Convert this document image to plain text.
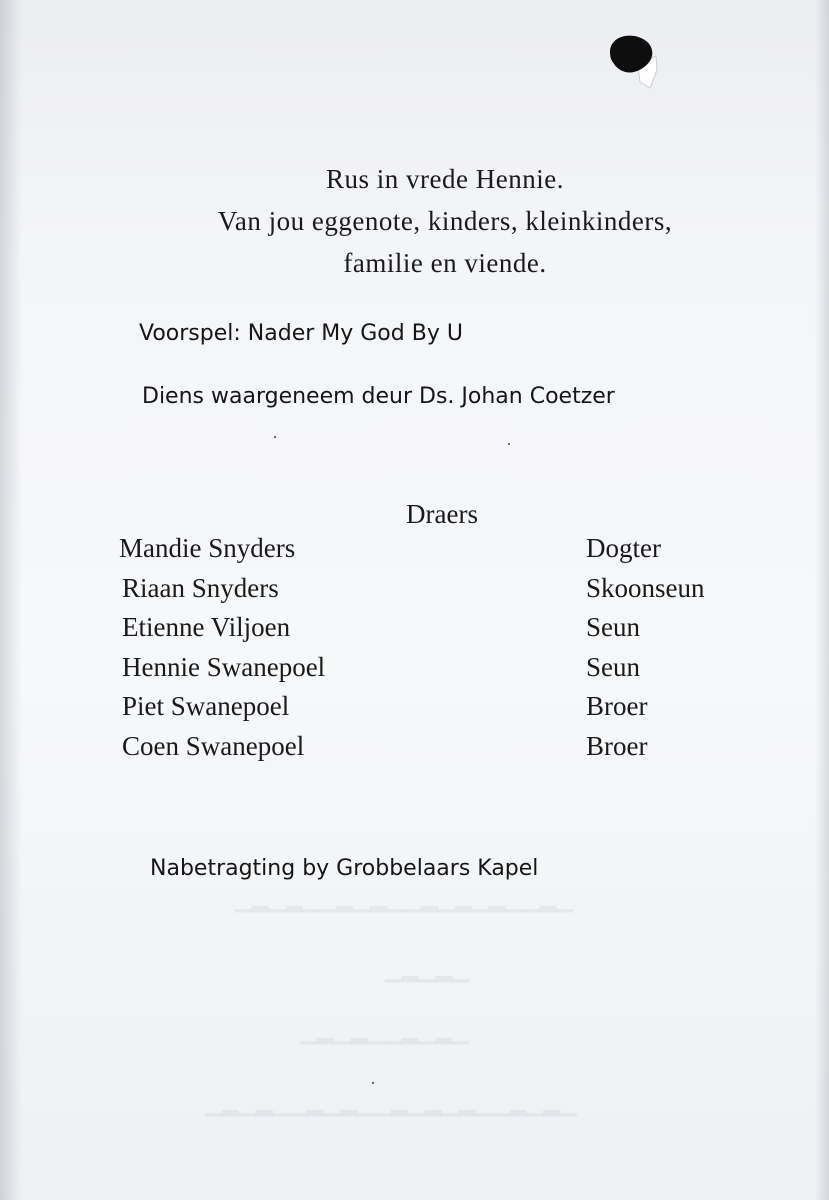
▁▂▁▂▁▁▂▁▂▁▁▂▁▂▁▂▁▁▂▁
▁▂▁▂▁
▁▂▁▂▁▁▂▁▂▁
▁▂▁▂▁▁▂▁▂▁▁▂▁▂▁▂▁▁▂▁▂▁
Rus in vrede Hennie.
Van jou eggenote, kinders, kleinkinders,
familie en viende.
Voorspel: Nader My God By U
Diens waargeneem deur Ds. Johan Coetzer
Draers
Mandie Snyders	Dogter
Riaan Snyders	Skoonseun
Etienne Viljoen	Seun
Hennie Swanepoel	Seun
Piet Swanepoel	Broer
Coen Swanepoel	Broer
Nabetragting by Grobbelaars Kapel
